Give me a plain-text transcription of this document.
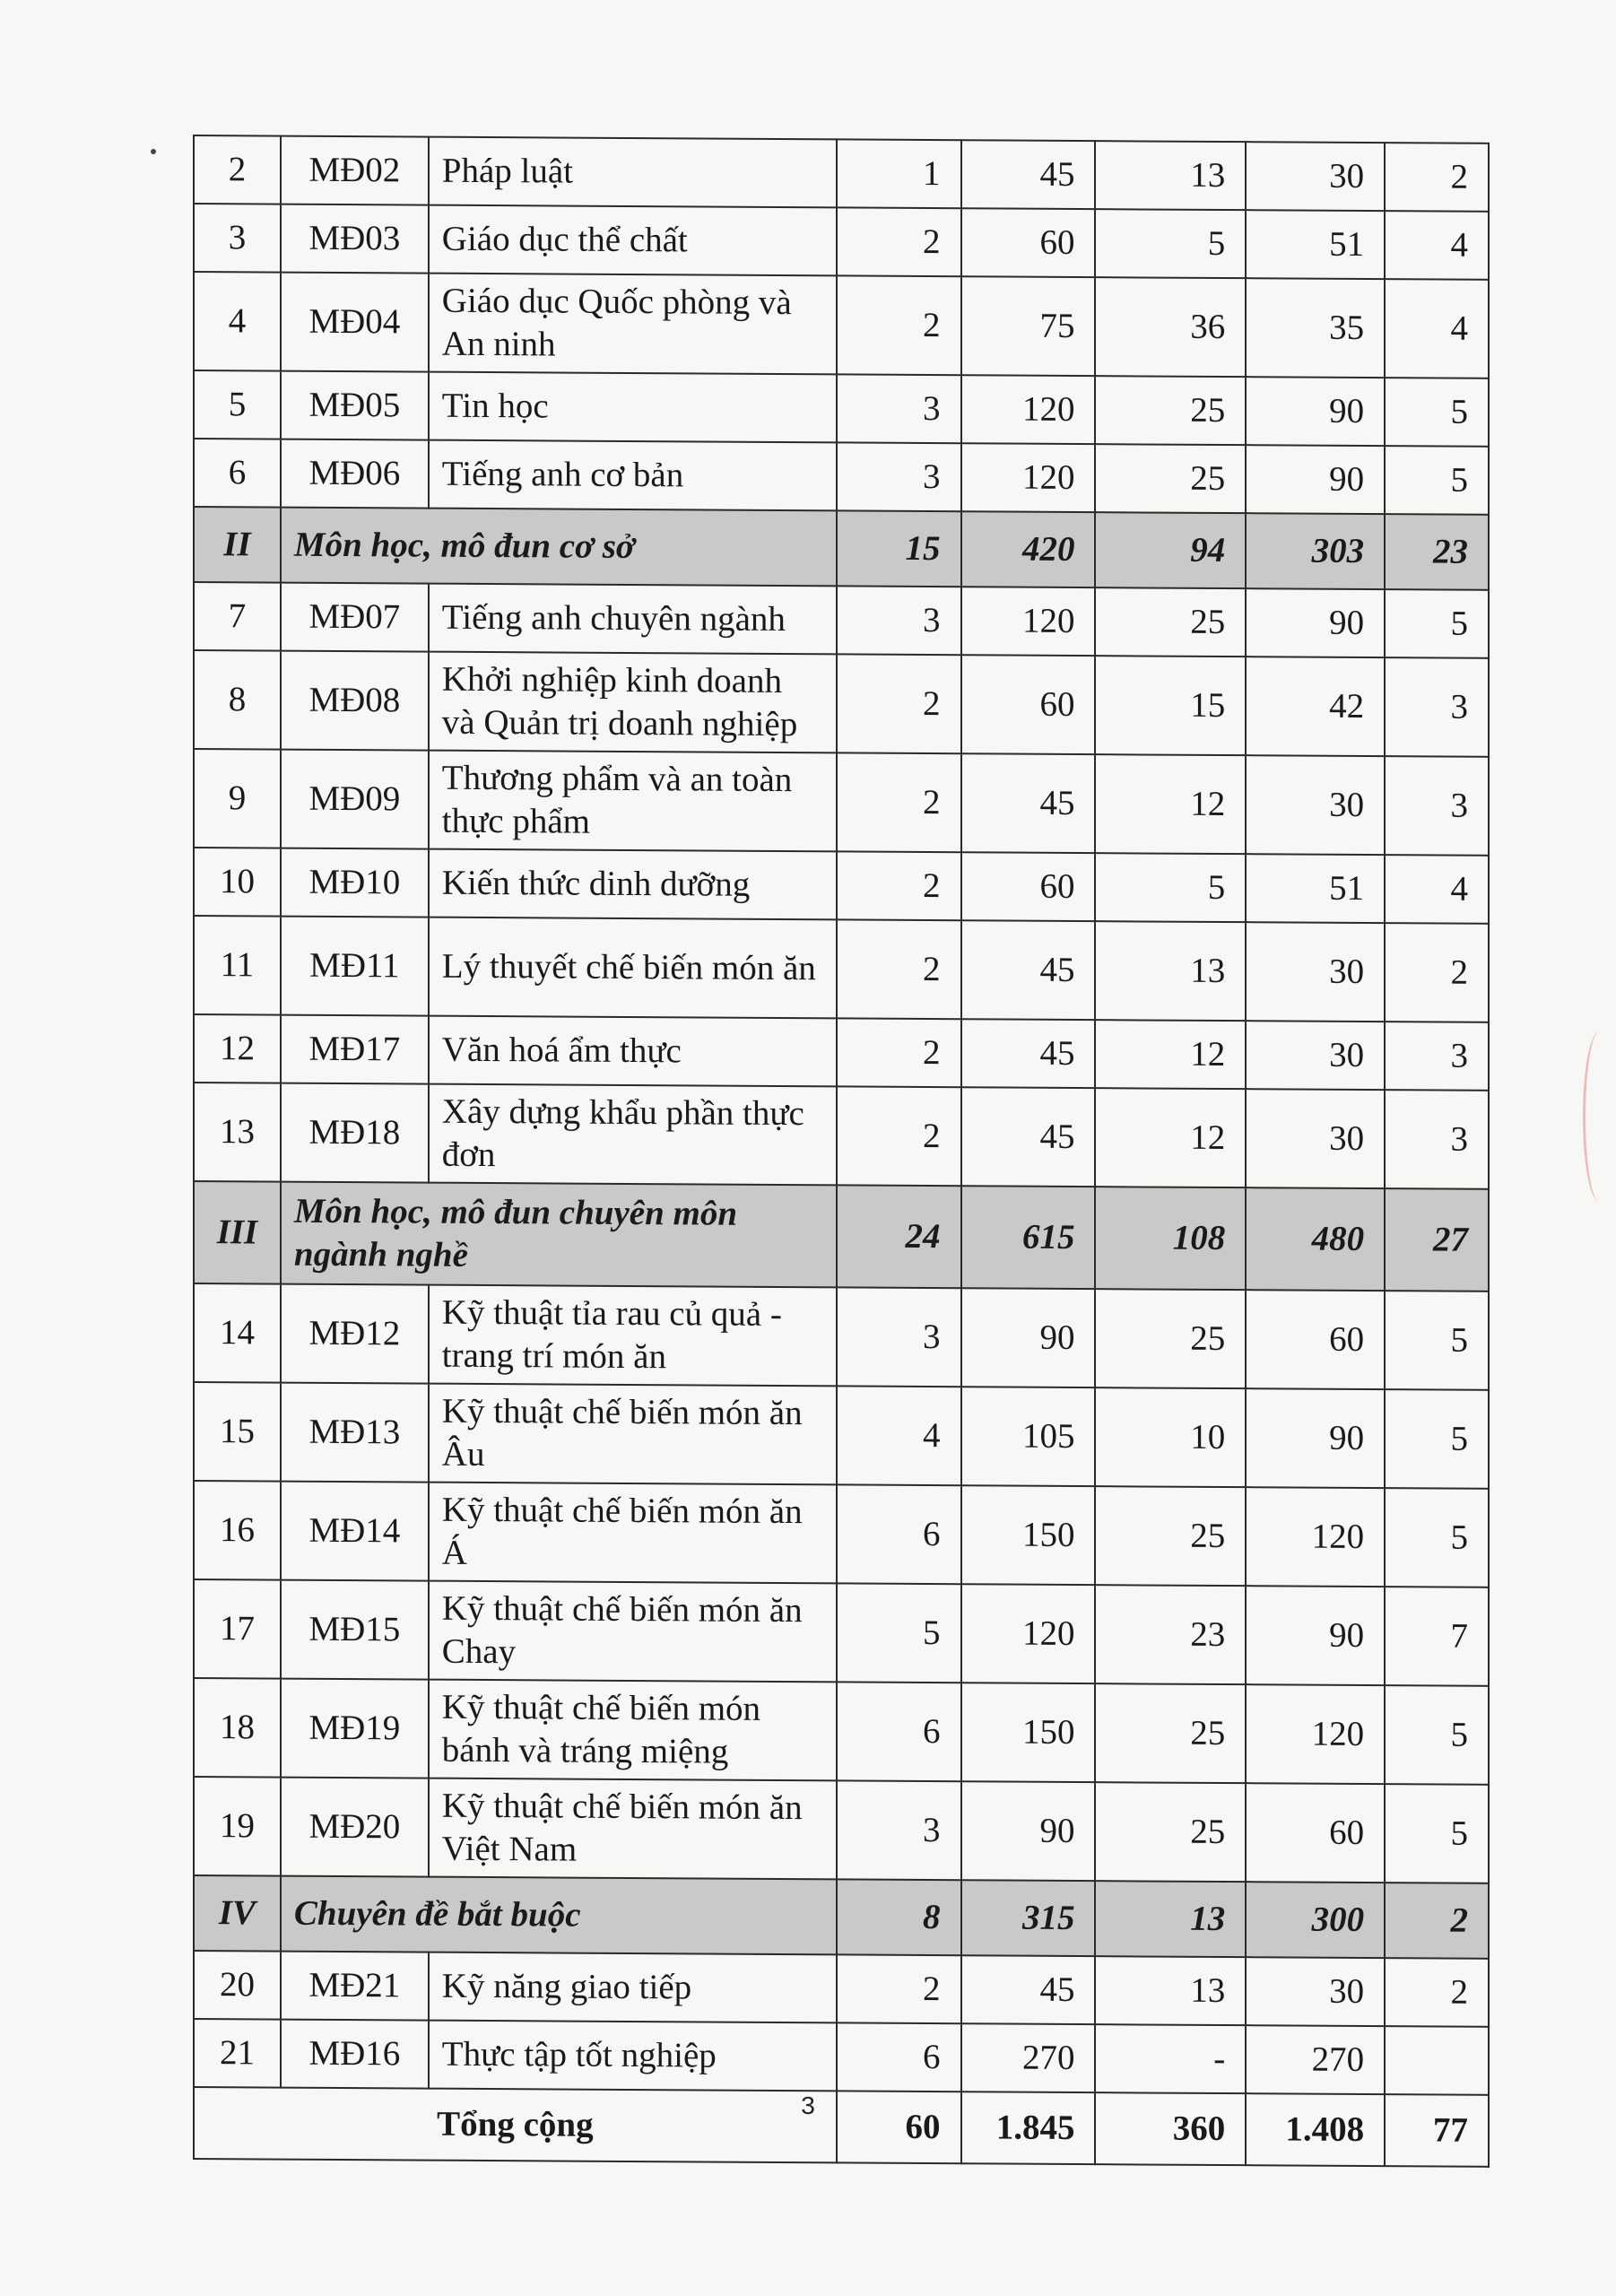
2	MĐ02	Pháp luật	1	45	13	30	2
3	MĐ03	Giáo dục thể chất	2	60	5	51	4
4	MĐ04	Giáo dục Quốc phòng và An ninh	2	75	36	35	4
5	MĐ05	Tin học	3	120	25	90	5
6	MĐ06	Tiếng anh cơ bản	3	120	25	90	5
II	Môn học, mô đun cơ sở		15	420	94	303	23
7	MĐ07	Tiếng anh chuyên ngành	3	120	25	90	5
8	MĐ08	Khởi nghiệp kinh doanh và Quản trị doanh nghiệp	2	60	15	42	3
9	MĐ09	Thương phẩm và an toàn thực phẩm	2	45	12	30	3
10	MĐ10	Kiến thức dinh dưỡng	2	60	5	51	4
11	MĐ11	Lý thuyết chế biến món ăn	2	45	13	30	2
12	MĐ17	Văn hoá ẩm thực	2	45	12	30	3
13	MĐ18	Xây dựng khẩu phần thực đơn	2	45	12	30	3
III	Môn học, mô đun chuyên môn ngành nghề		24	615	108	480	27
14	MĐ12	Kỹ thuật tỉa rau củ quả - trang trí món ăn	3	90	25	60	5
15	MĐ13	Kỹ thuật chế biến món ăn Âu	4	105	10	90	5
16	MĐ14	Kỹ thuật chế biến món ăn Á	6	150	25	120	5
17	MĐ15	Kỹ thuật chế biến món ăn Chay	5	120	23	90	7
18	MĐ19	Kỹ thuật chế biến món bánh và tráng miệng	6	150	25	120	5
19	MĐ20	Kỹ thuật chế biến món ăn Việt Nam	3	90	25	60	5
IV	Chuyên đề bắt buộc		8	315	13	300	2
20	MĐ21	Kỹ năng giao tiếp	2	45	13	30	2
21	MĐ16	Thực tập tốt nghiệp	6	270	-	270	
Tổng cộng			60	1.845	360	1.408	77
3
